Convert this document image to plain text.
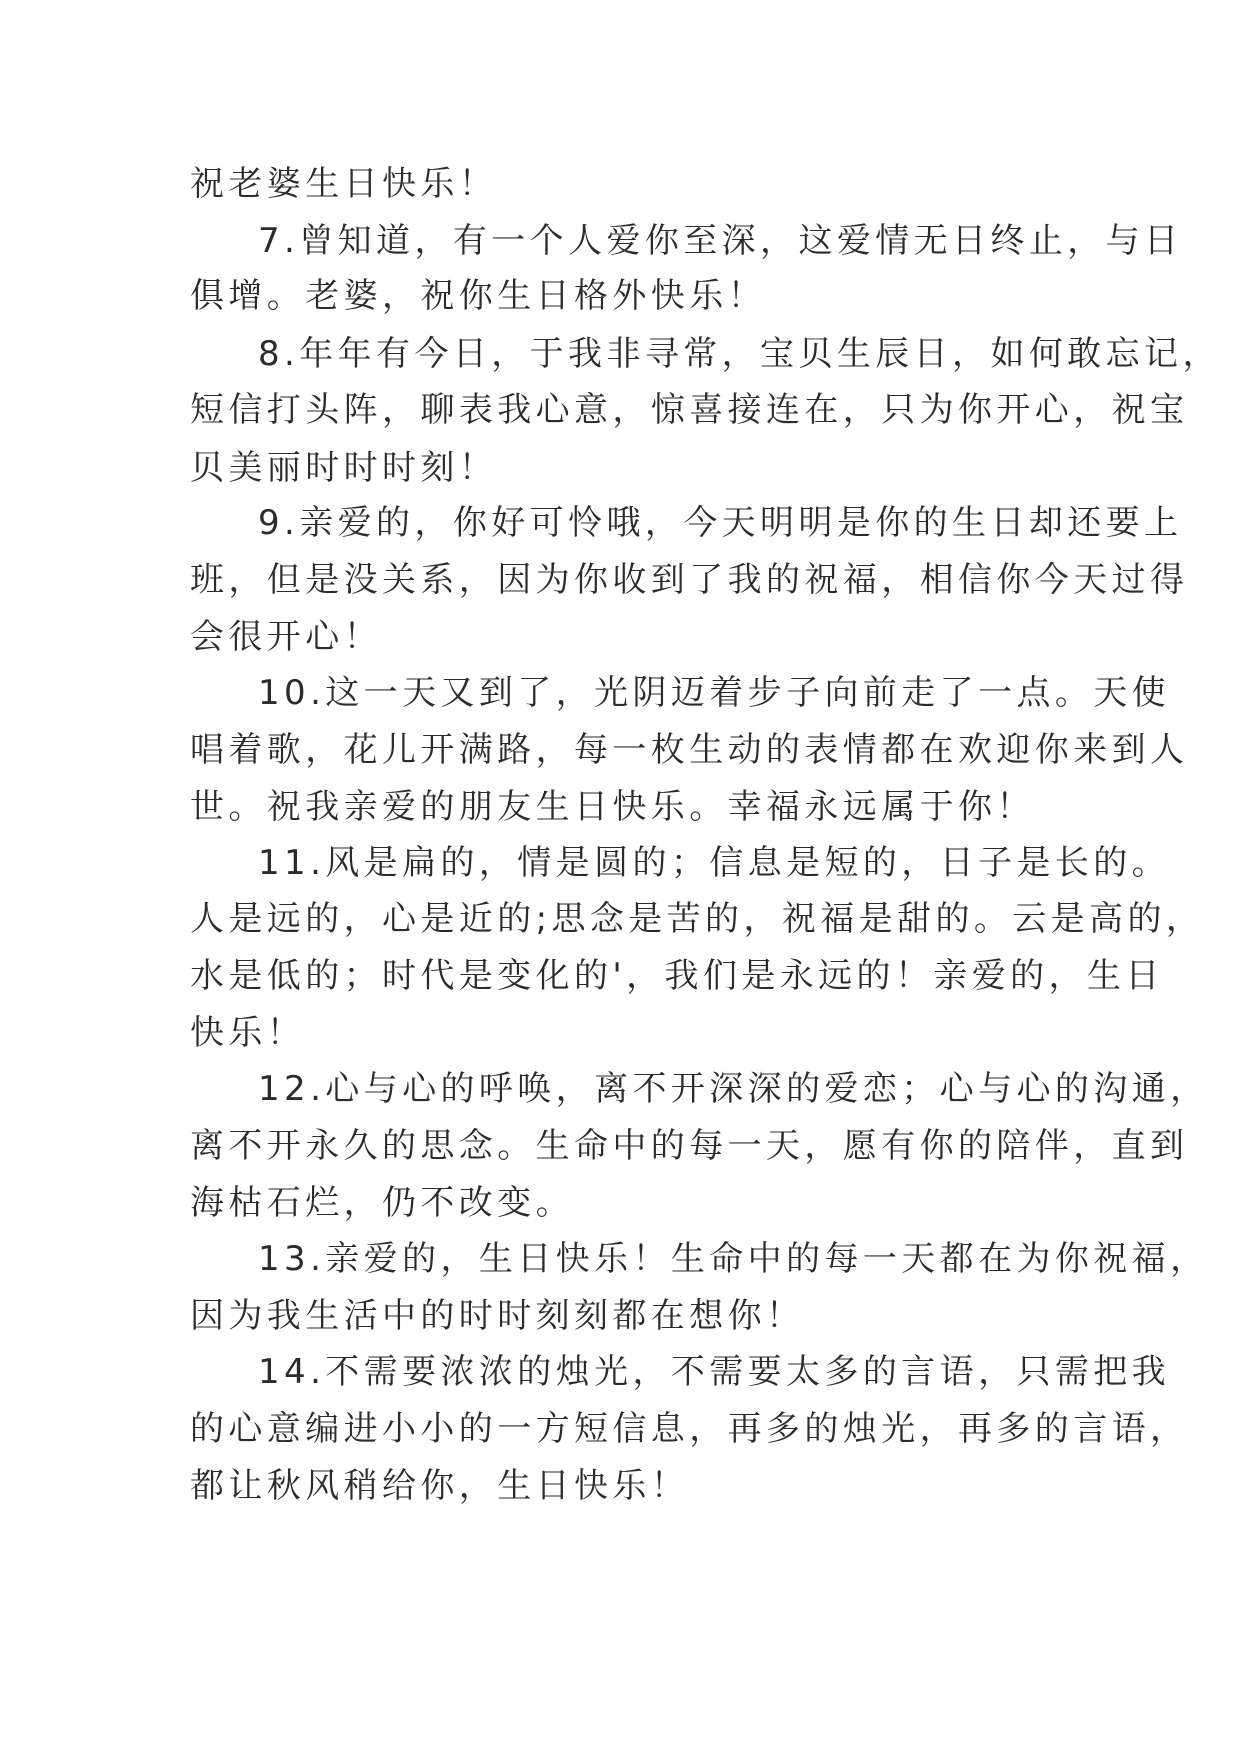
祝老婆生日快乐！
7.曾知道，有一个人爱你至深，这爱情无日终止，与日
俱增。老婆，祝你生日格外快乐！
8.年年有今日，于我非寻常，宝贝生辰日，如何敢忘记，
短信打头阵，聊表我心意，惊喜接连在，只为你开心，祝宝
贝美丽时时时刻！
9.亲爱的，你好可怜哦，今天明明是你的生日却还要上
班，但是没关系，因为你收到了我的祝福，相信你今天过得
会很开心！
10.这一天又到了，光阴迈着步子向前走了一点。天使
唱着歌，花儿开满路，每一枚生动的表情都在欢迎你来到人
世。祝我亲爱的朋友生日快乐。幸福永远属于你！
11.风是扁的，情是圆的；信息是短的，日子是长的。
人是远的，心是近的;思念是苦的，祝福是甜的。云是高的，
水是低的；时代是变化的'，我们是永远的！亲爱的，生日
快乐！
12.心与心的呼唤，离不开深深的爱恋；心与心的沟通，
离不开永久的思念。生命中的每一天，愿有你的陪伴，直到
海枯石烂，仍不改变。
13.亲爱的，生日快乐！生命中的每一天都在为你祝福，
因为我生活中的时时刻刻都在想你！
14.不需要浓浓的烛光，不需要太多的言语，只需把我
的心意编进小小的一方短信息，再多的烛光，再多的言语，
都让秋风稍给你，生日快乐！
